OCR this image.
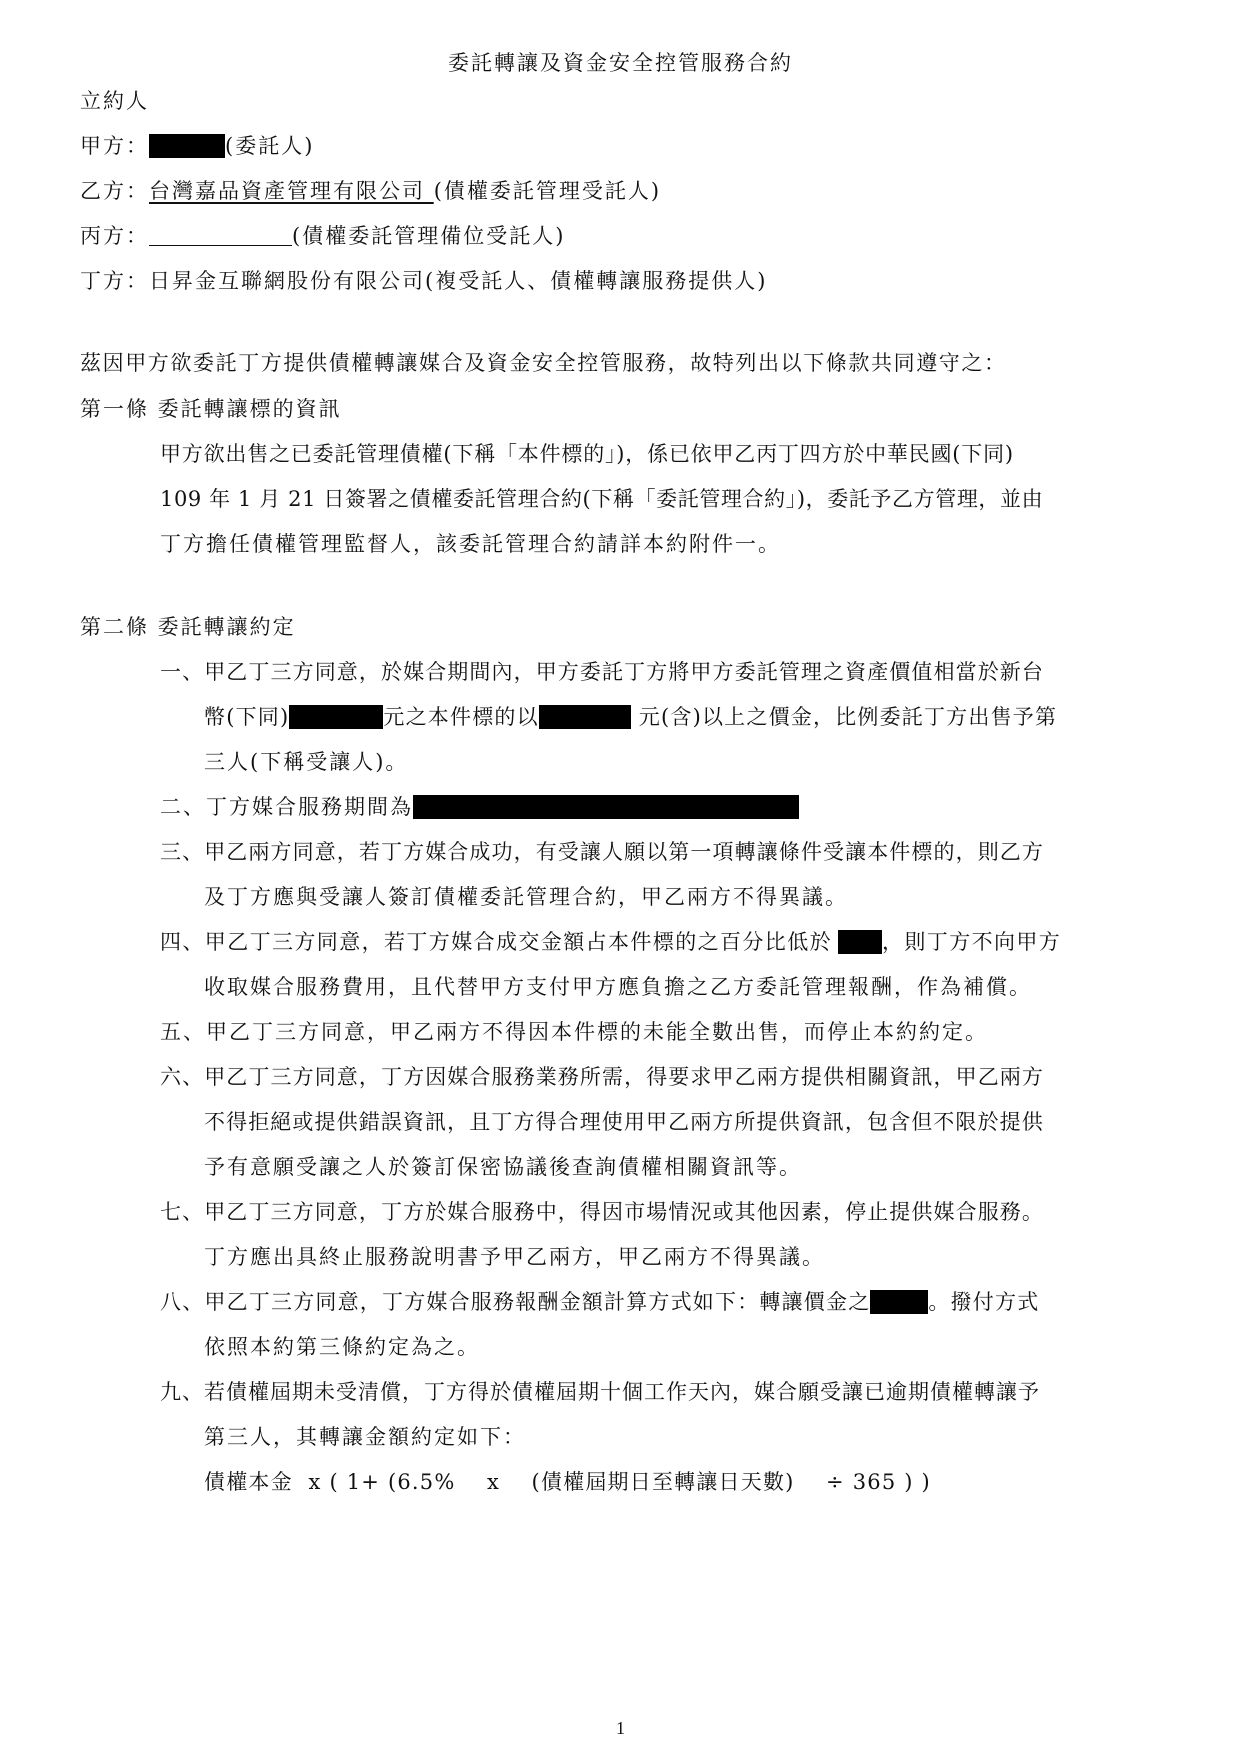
委託轉讓及資金安全控管服務合約
立約人
甲方：	(委託人)
乙方：台灣嘉品資產管理有限公司 (債權委託管理受託人)
丙方：	(債權委託管理備位受託人)
丁方：日昇金互聯網股份有限公司(複受託人、債權轉讓服務提供人)
茲因甲方欲委託丁方提供債權轉讓媒合及資金安全控管服務，故特列出以下條款共同遵守之：
第一條 委託轉讓標的資訊
甲方欲出售之已委託管理債權(下稱「本件標的」)，係已依甲乙丙丁四方於中華民國(下同)
109 年 1 月 21 日簽署之債權委託管理合約(下稱「委託管理合約」)，委託予乙方管理，並由
丁方擔任債權管理監督人，該委託管理合約請詳本約附件一。
第二條 委託轉讓約定
一、甲乙丁三方同意，於媒合期間內，甲方委託丁方將甲方委託管理之資產價值相當於新台
幣(下同)	元之本件標的以	元(含)以上之價金，比例委託丁方出售予第
三人(下稱受讓人)。
二、丁方媒合服務期間為
三、甲乙兩方同意，若丁方媒合成功，有受讓人願以第一項轉讓條件受讓本件標的，則乙方
及丁方應與受讓人簽訂債權委託管理合約，甲乙兩方不得異議。
四、甲乙丁三方同意，若丁方媒合成交金額占本件標的之百分比低於 ，則丁方不向甲方
收取媒合服務費用，且代替甲方支付甲方應負擔之乙方委託管理報酬，作為補償。
五、甲乙丁三方同意，甲乙兩方不得因本件標的未能全數出售，而停止本約約定。
六、甲乙丁三方同意，丁方因媒合服務業務所需，得要求甲乙兩方提供相關資訊，甲乙兩方
不得拒絕或提供錯誤資訊，且丁方得合理使用甲乙兩方所提供資訊，包含但不限於提供
予有意願受讓之人於簽訂保密協議後查詢債權相關資訊等。
七、甲乙丁三方同意，丁方於媒合服務中，得因市場情況或其他因素，停止提供媒合服務。
丁方應出具終止服務說明書予甲乙兩方，甲乙兩方不得異議。
八、甲乙丁三方同意，丁方媒合服務報酬金額計算方式如下：轉讓價金之	。撥付方式
依照本約第三條約定為之。
九、若債權屆期未受清償，丁方得於債權屆期十個工作天內，媒合願受讓已逾期債權轉讓予
第三人，其轉讓金額約定如下：
債權本金  x ( 1+ (6.5%    x    (債權屆期日至轉讓日天數)    ÷ 365 ) )
1
